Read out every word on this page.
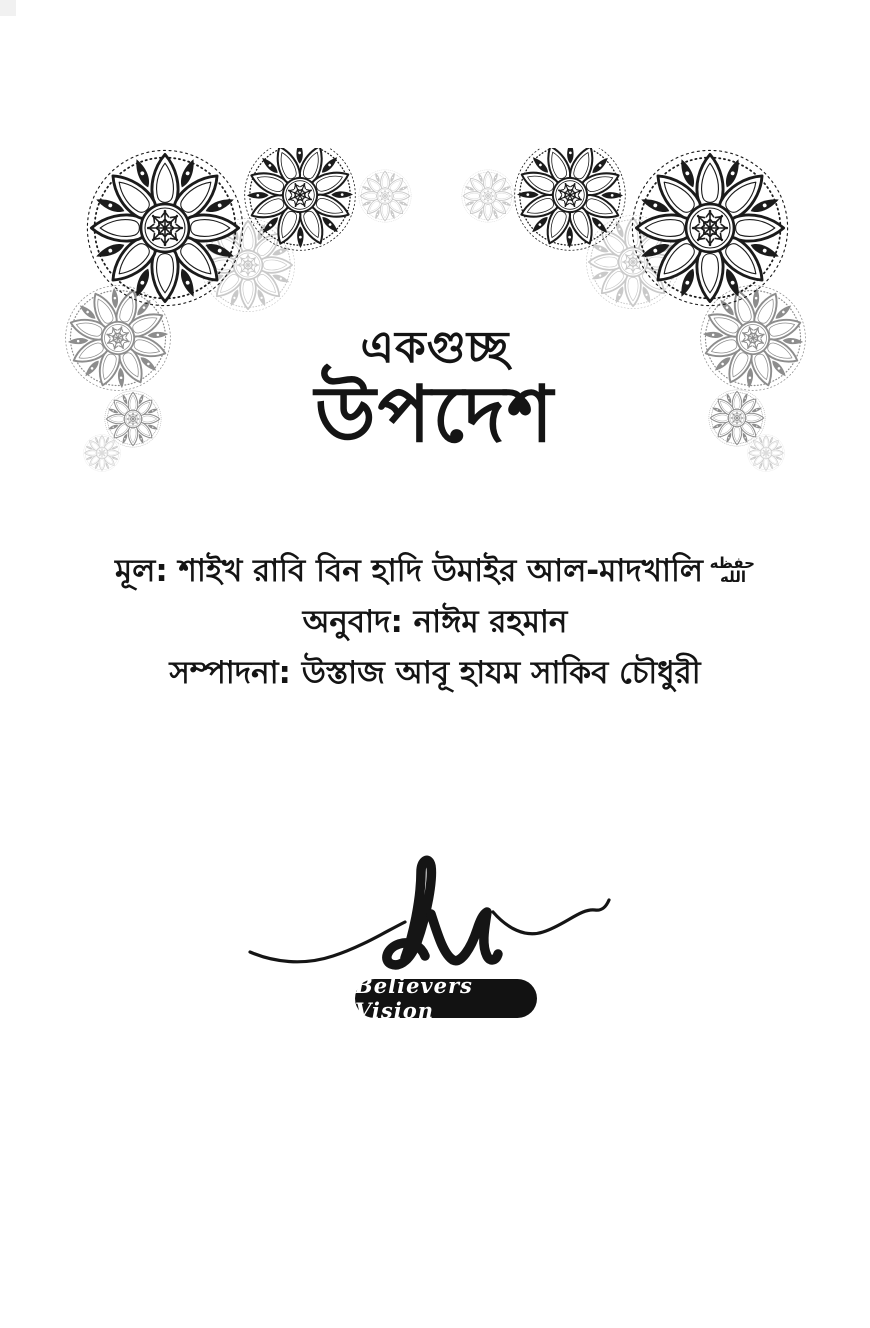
একগুচ্ছ
উপদেশ
মূল: শাইখ রাবি বিন হাদি উমাইর আল-মাদখালি حفظه الله
অনুবাদ: নাঈম রহমান
সম্পাদনা: উস্তাজ আবূ হাযম সাকিব চৌধুরী
Believers Vision
